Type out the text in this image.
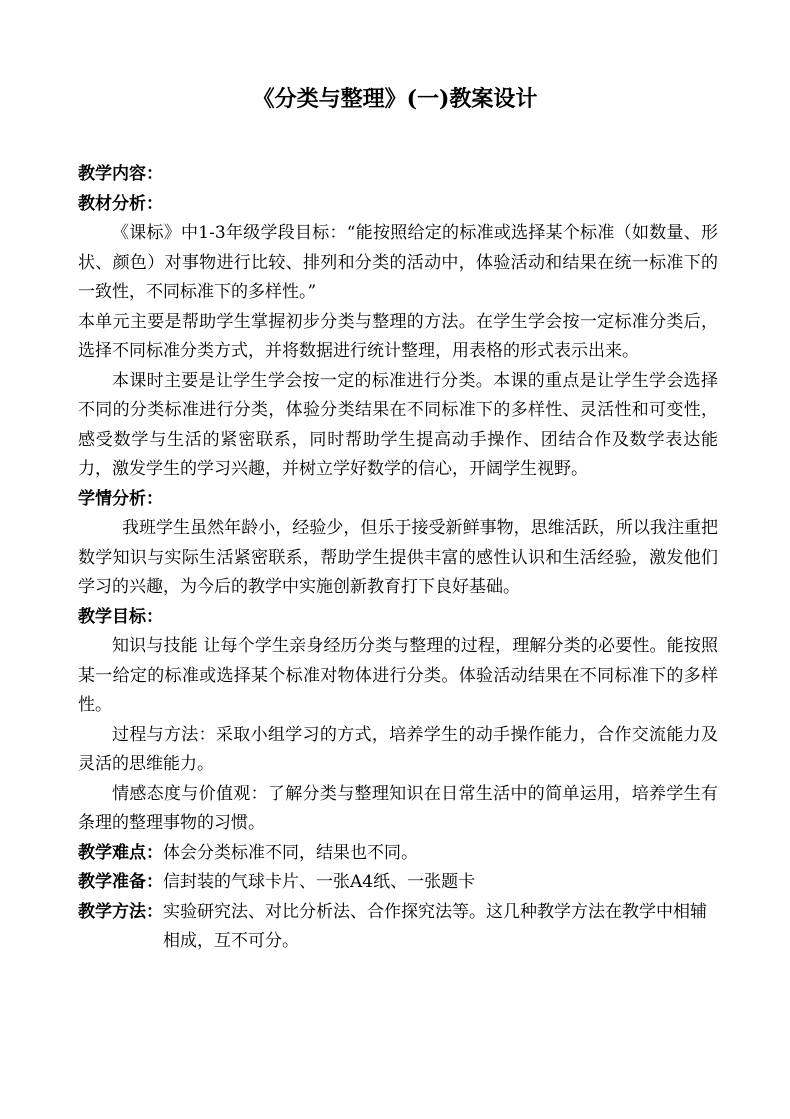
《分类与整理》(一)教案设计

教学内容：

教材分析：

《课标》中1-3年级学段目标：“能按照给定的标准或选择某个标准（如数量、形状、颜色）对事物进行比较、排列和分类的活动中，体验活动和结果在统一标准下的一致性，不同标准下的多样性。”

本单元主要是帮助学生掌握初步分类与整理的方法。在学生学会按一定标准分类后，选择不同标准分类方式，并将数据进行统计整理，用表格的形式表示出来。

本课时主要是让学生学会按一定的标准进行分类。本课的重点是让学生学会选择不同的分类标准进行分类，体验分类结果在不同标准下的多样性、灵活性和可变性，感受数学与生活的紧密联系，同时帮助学生提高动手操作、团结合作及数学表达能力，激发学生的学习兴趣，并树立学好数学的信心，开阔学生视野。

学情分析：

我班学生虽然年龄小，经验少，但乐于接受新鲜事物，思维活跃，所以我注重把数学知识与实际生活紧密联系，帮助学生提供丰富的感性认识和生活经验，激发他们学习的兴趣，为今后的教学中实施创新教育打下良好基础。

教学目标：

知识与技能 让每个学生亲身经历分类与整理的过程，理解分类的必要性。能按照某一给定的标准或选择某个标准对物体进行分类。体验活动结果在不同标准下的多样性。

过程与方法：采取小组学习的方式，培养学生的动手操作能力，合作交流能力及灵活的思维能力。

情感态度与价值观：了解分类与整理知识在日常生活中的简单运用，培养学生有条理的整理事物的习惯。

教学难点： 体会分类标准不同，结果也不同。
教学准备： 信封装的气球卡片、一张A4纸、一张题卡
教学方法： 实验研究法、对比分析法、合作探究法等。这几种教学方法在教学中相辅相成，互不可分。
